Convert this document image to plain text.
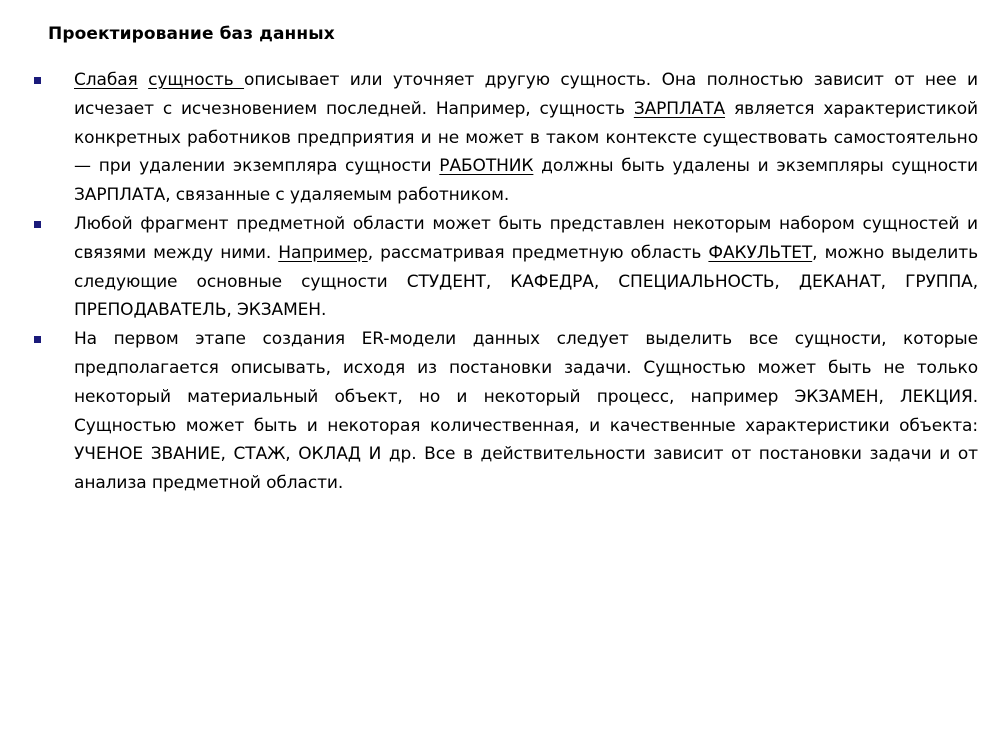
Проектирование баз данных
Слабая сущность описывает или уточняет другую сущность. Она полностью зависит от нее и исчезает с исчезновением последней. Например, сущность ЗАРПЛАТА является характеристикой конкретных работников предприятия и не может в таком контексте существовать самостоятельно — при удалении экземпляра сущности РАБОТНИК должны быть удалены и экземпляры сущности ЗАРПЛАТА, связанные с удаляемым работником.
Любой фрагмент предметной области может быть представлен некоторым набором сущностей и связями между ними. Например, рассматривая предметную область ФАКУЛЬТЕТ, можно выделить следующие основные сущности СТУДЕНТ, КАФЕДРА, СПЕЦИАЛЬНОСТЬ, ДЕКАНАТ, ГРУППА, ПРЕПОДАВАТЕЛЬ, ЭКЗАМЕН.
На первом этапе создания ER-модели данных следует выделить все сущности, которые предполагается описывать, исходя из постановки задачи. Сущностью может быть не только некоторый материальный объект, но и некоторый процесс, например ЭКЗАМЕН, ЛЕКЦИЯ. Сущностью может быть и некоторая количественная, и качественные характеристики объекта: УЧЕНОЕ ЗВАНИЕ, СТАЖ, ОКЛАД И др. Все в действительности зависит от постановки задачи и от анализа предметной области.
